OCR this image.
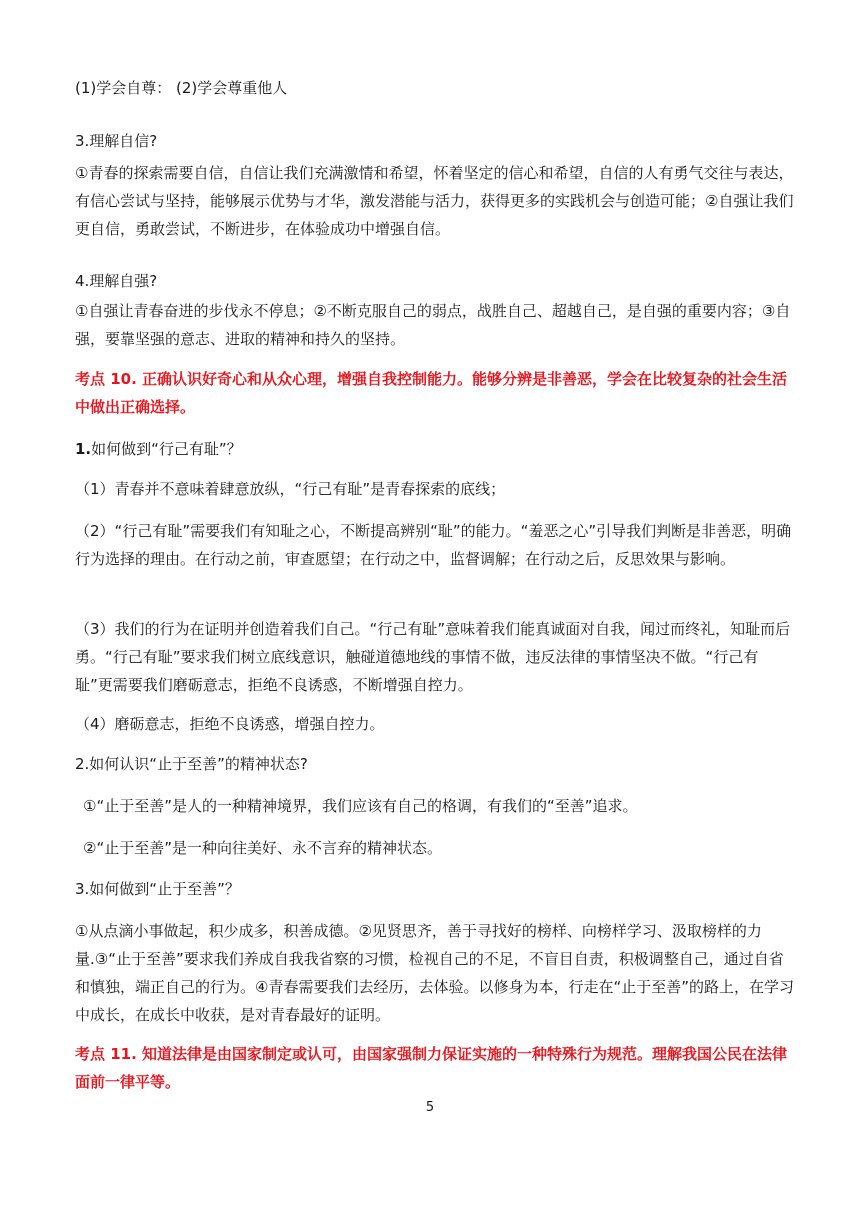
(1)学会自尊： (2)学会尊重他人

3.理解自信?

①青春的探索需要自信，自信让我们充满激情和希望，怀着坚定的信心和希望，自信的人有勇气交往与表达，有信心尝试与坚持，能够展示优势与才华，激发潜能与活力，获得更多的实践机会与创造可能；②自强让我们更自信，勇敢尝试，不断进步，在体验成功中增强自信。

4.理解自强?

①自强让青春奋进的步伐永不停息；②不断克服自己的弱点，战胜自己、超越自己，是自强的重要内容；③自强，要靠坚强的意志、进取的精神和持久的坚持。

考点 10. 正确认识好奇心和从众心理，增强自我控制能力。能够分辨是非善恶，学会在比较复杂的社会生活中做出正确选择。

1.如何做到“行己有耻”？

（1）青春并不意味着肆意放纵，“行己有耻”是青春探索的底线；

（2）“行己有耻”需要我们有知耻之心，不断提高辨别“耻”的能力。“羞恶之心”引导我们判断是非善恶，明确行为选择的理由。在行动之前，审查愿望；在行动之中，监督调解；在行动之后，反思效果与影响。

（3）我们的行为在证明并创造着我们自己。“行己有耻”意味着我们能真诚面对自我，闻过而终礼，知耻而后勇。“行己有耻”要求我们树立底线意识，触碰道德地线的事情不做，违反法律的事情坚决不做。“行己有耻”更需要我们磨砺意志，拒绝不良诱惑，不断增强自控力。

（4）磨砺意志，拒绝不良诱惑，增强自控力。

2.如何认识“止于至善”的精神状态?

①“止于至善”是人的一种精神境界，我们应该有自己的格调，有我们的“至善”追求。

②“止于至善”是一种向往美好、永不言弃的精神状态。

3.如何做到“止于至善”？

①从点滴小事做起，积少成多，积善成德。②见贤思齐，善于寻找好的榜样、向榜样学习、汲取榜样的力量.③“止于至善”要求我们养成自我我省察的习惯，检视自己的不足，不盲目自责，积极调整自己，通过自省和慎独，端正自己的行为。④青春需要我们去经历，去体验。以修身为本，行走在“止于至善”的路上，在学习中成长，在成长中收获，是对青春最好的证明。

考点 11. 知道法律是由国家制定或认可，由国家强制力保证实施的一种特殊行为规范。理解我国公民在法律面前一律平等。

5
